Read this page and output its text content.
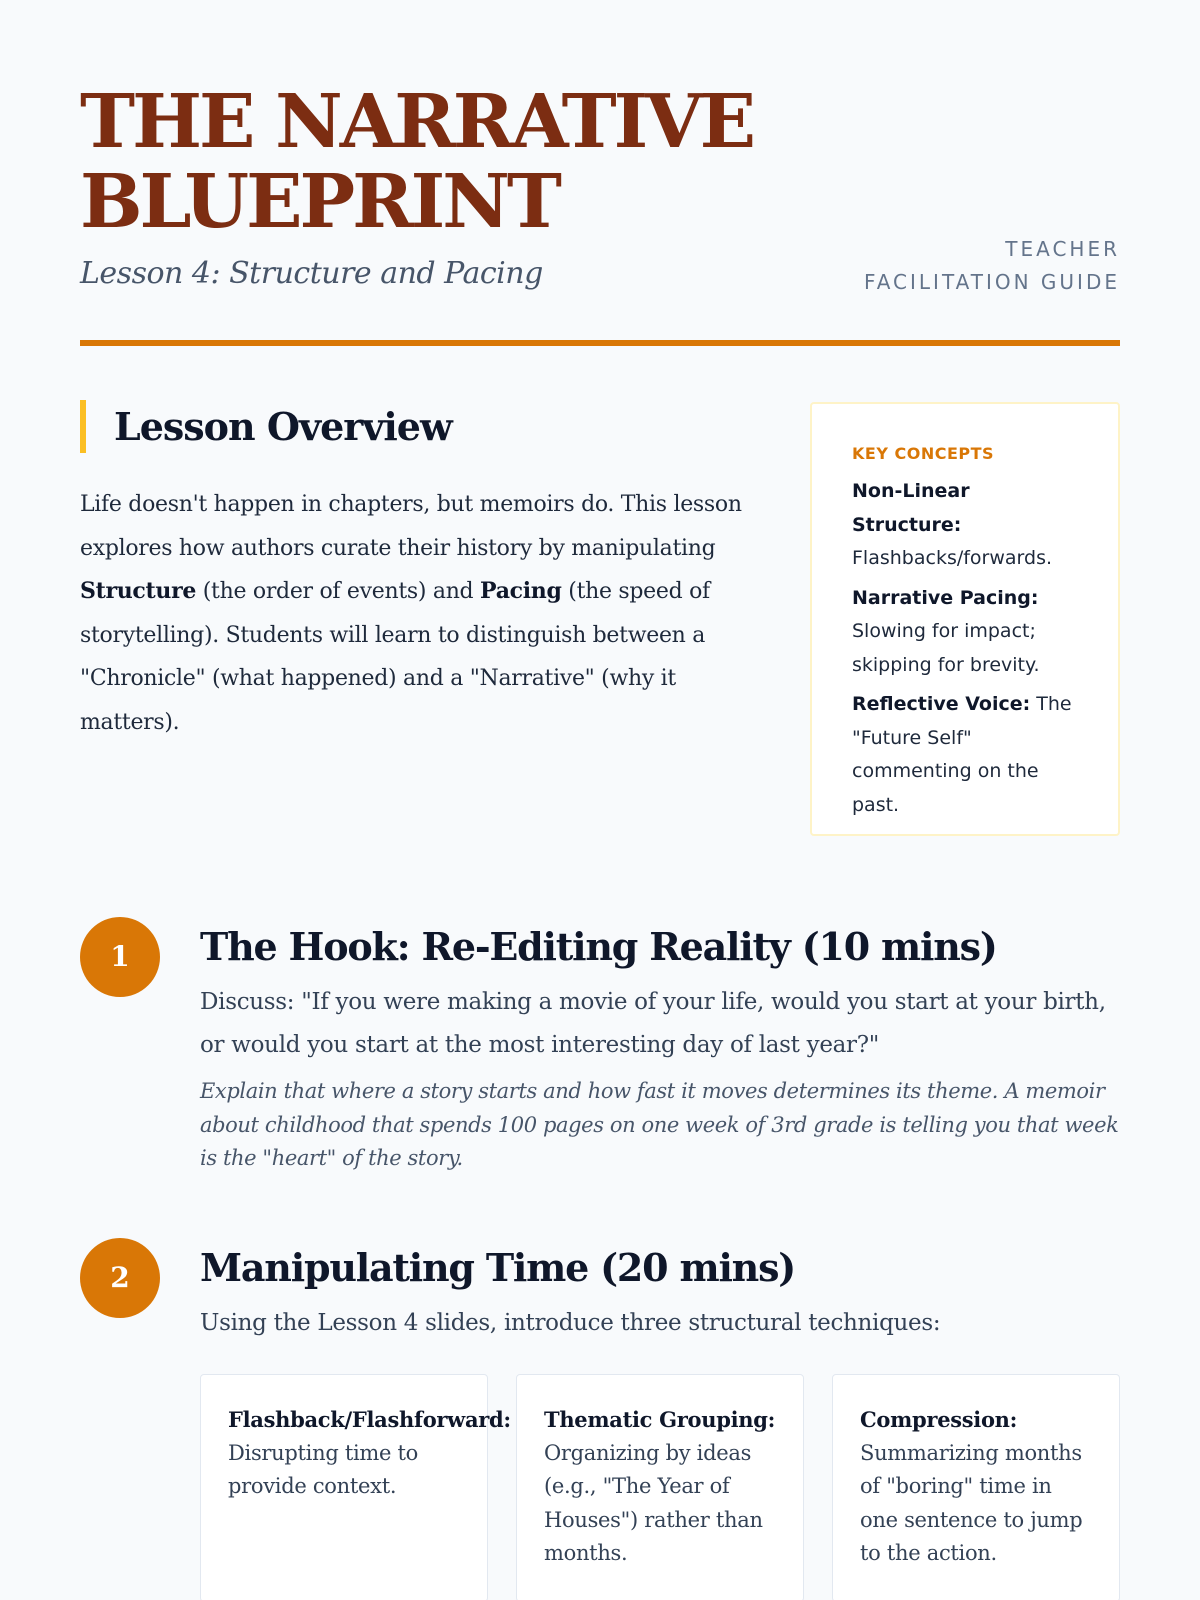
THE NARRATIVE
BLUEPRINT
Lesson 4: Structure and Pacing
TEACHER
FACILITATION GUIDE
Lesson Overview

Life doesn't happen in chapters, but memoirs do. This lesson explores how authors curate their history by manipulating Structure (the order of events) and Pacing (the speed of storytelling). Students will learn to distinguish between a "Chronicle" (what happened) and a "Narrative" (why it matters).

KEY CONCEPTS
Non-Linear Structure: Flashbacks/forwards.
Narrative Pacing: Slowing for impact; skipping for brevity.
Reflective Voice: The "Future Self" commenting on the past.
1	The Hook: Re-Editing Reality (10 mins)

Discuss: "If you were making a movie of your life, would you start at your birth, or would you start at the most interesting day of last year?"

Explain that where a story starts and how fast it moves determines its theme. A memoir about childhood that spends 100 pages on one week of 3rd grade is telling you that week is the "heart" of the story.

2	Manipulating Time (20 mins)

Using the Lesson 4 slides, introduce three structural techniques:

Flashback/Flashforward:
Disrupting time to provide context.
Thematic Grouping:
Organizing by ideas (e.g., "The Year of Houses") rather than months.
Compression:
Summarizing months of "boring" time in one sentence to jump to the action.
